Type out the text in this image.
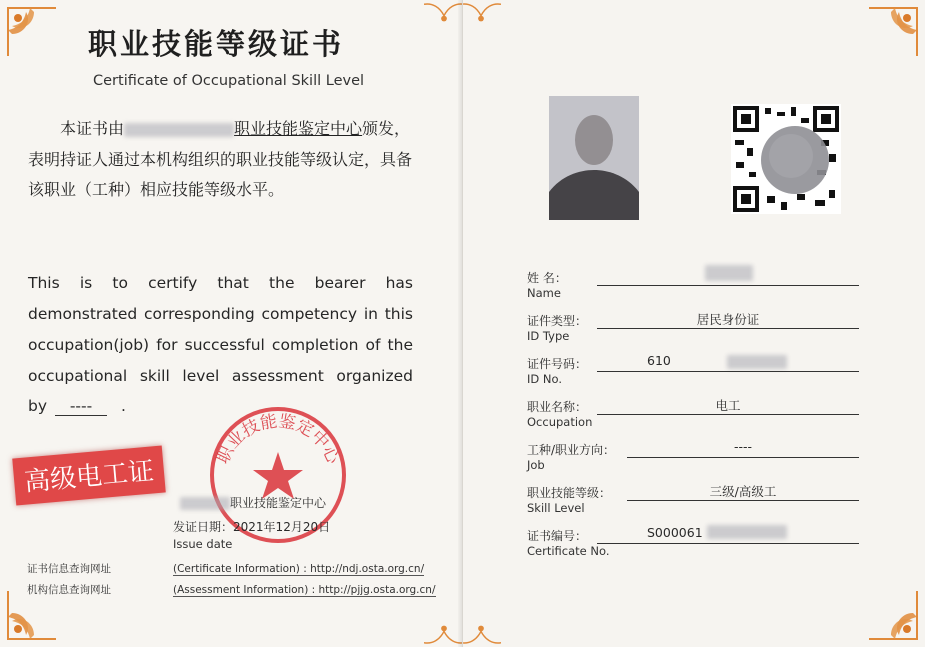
职业技能等级证书
Certificate of Occupational Skill Level
本证书由	职业技能鉴定中心颁发，表明持证人通过本机构组织的职业技能等级认定，具备该职业（工种）相应技能等级水平。
This is to certify that the bearer has demonstrated corresponding competency in this occupation(job) for successful completion of the occupational skill level assessment organized
by ---- .
职业技能鉴定中心
高级电工证
职业技能鉴定中心
发证日期：2021年12月20日
Issue date
证书信息查询网址	(Certificate Information) : http://ndj.osta.org.cn/
机构信息查询网址	(Assessment Information) : http://pjjg.osta.org.cn/
姓 名：
Name
证件类型：
ID Type
居民身份证
证件号码：
ID No.
610
职业名称：
Occupation
电工
工种/职业方向：
Job
----
职业技能等级：
Skill Level
三级/高级工
证书编号：
Certificate No.
S000061
